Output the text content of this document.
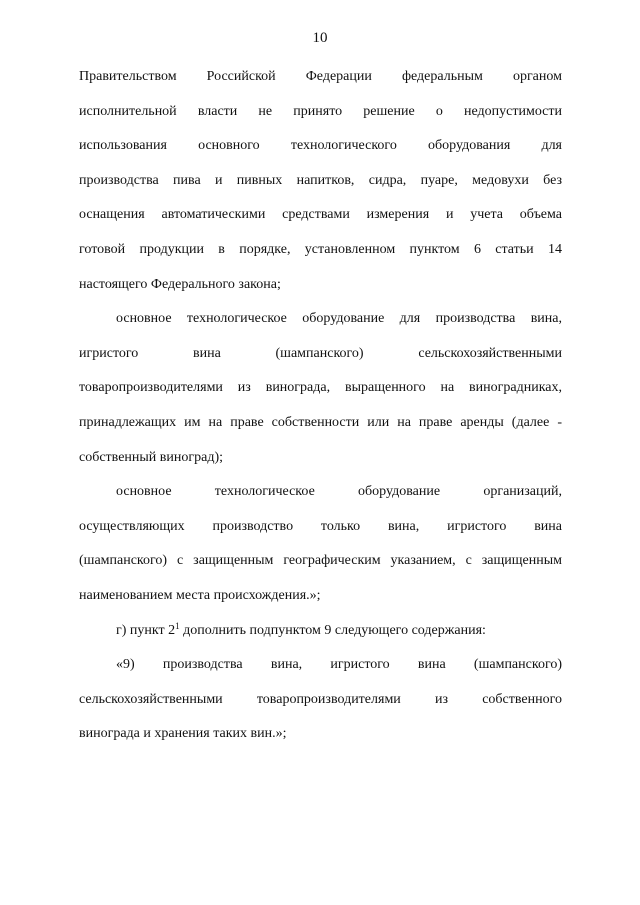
10
Правительством Российской Федерации федеральным органом
исполнительной власти не принято решение о недопустимости
использования основного технологического оборудования для
производства пива и пивных напитков, сидра, пуаре, медовухи без
оснащения автоматическими средствами измерения и учета объема
готовой продукции в порядке, установленном пунктом 6 статьи 14
настоящего Федерального закона;
основное технологическое оборудование для производства вина,
игристого вина (шампанского) сельскохозяйственными
товаропроизводителями из винограда, выращенного на виноградниках,
принадлежащих им на праве собственности или на праве аренды (далее -
собственный виноград);
основное технологическое оборудование организаций,
осуществляющих производство только вина, игристого вина
(шампанского) с защищенным географическим указанием, с защищенным
наименованием места происхождения.»;
г) пункт $2^1$ дополнить подпунктом 9 следующего содержания:
«9) производства вина, игристого вина (шампанского)
сельскохозяйственными товаропроизводителями из собственного
винограда и хранения таких вин.»;
